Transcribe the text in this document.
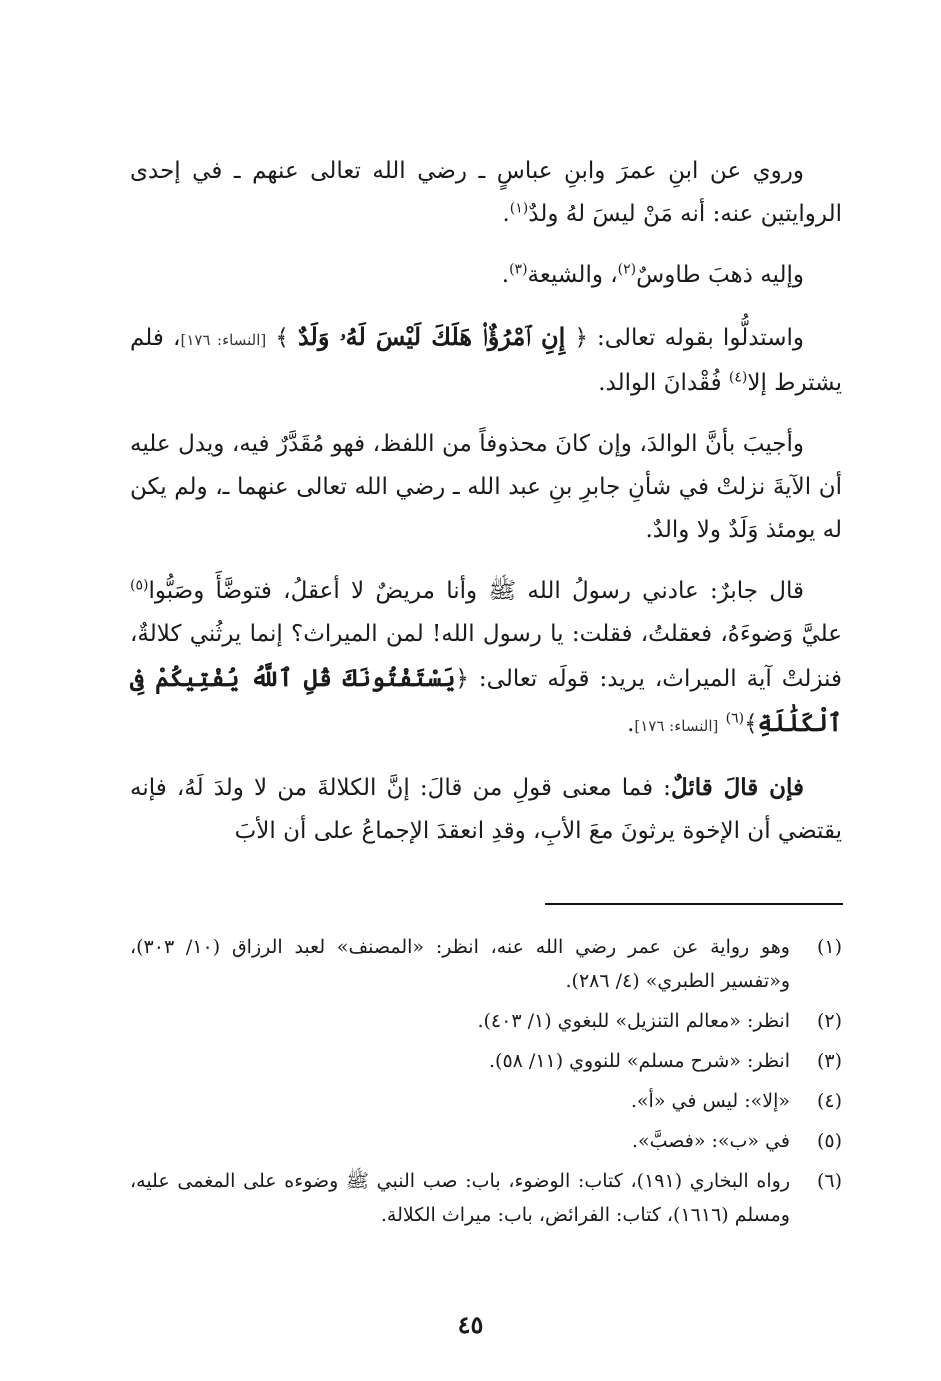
وروي عن ابنِ عمرَ وابنِ عباسٍ ـ رضي الله تعالى عنهم ـ في إحدى الروايتين عنه: أنه مَنْ ليسَ لهُ ولدٌ$^{(١)}$.

وإليه ذهبَ طاوسٌ$^{(٢)}$، والشيعة$^{(٣)}$.

واستدلُّوا بقوله تعالى: ﴿ إِنِ ٱمْرُؤٌا۟ هَلَكَ لَيْسَ لَهُۥ وَلَدٌ ﴾ [النساء: ١٧٦]، فلم يشترط إلا$^{(٤)}$ فُقْدانَ الوالد.

وأجيبَ بأنَّ الوالدَ، وإن كانَ محذوفاً من اللفظ، فهو مُقَدَّرٌ فيه، ويدل عليه أن الآيةَ نزلتْ في شأنِ جابرِ بنِ عبد الله ـ رضي الله تعالى عنهما ـ، ولم يكن له يومئذ وَلَدٌ ولا والدٌ.

قال جابرٌ: عادني رسولُ الله ﷺ وأنا مريضٌ لا أعقلُ، فتوضَّأَ وصَبُّوا$^{(٥)}$ عليَّ وَضوءَهُ، فعقلتُ، فقلت: يا رسول الله! لمن الميراث؟ إنما يرثُني كلالةٌ، فنزلتْ آية الميراث، يريد: قولَه تعالى: ﴿يَسْتَفْتُونَكَ قُلِ ٱللَّهُ يُفْتِيكُمْ فِى ٱلْكَلَٰلَةِ﴾$^{(٦)}$ [النساء: ١٧٦].

فإن قالَ قائلٌ: فما معنى قولِ من قالَ: إنَّ الكلالةَ من لا ولدَ لَهُ، فإنه يقتضي أن الإخوة يرثونَ معَ الأبِ، وقدِ انعقدَ الإجماعُ على أن الأبَ

(١)
وهو رواية عن عمر رضي الله عنه، انظر: «المصنف» لعبد الرزاق (١٠/ ٣٠٣)، و«تفسير الطبري» (٤/ ٢٨٦).
(٢)
انظر: «معالم التنزيل» للبغوي (١/ ٤٠٣).
(٣)
انظر: «شرح مسلم» للنووي (١١/ ٥٨).
(٤)
«إلا»: ليس في «أ».
(٥)
في «ب»: «فصبَّ».
(٦)
رواه البخاري (١٩١)، كتاب: الوضوء، باب: صب النبي ﷺ وضوءه على المغمى عليه، ومسلم (١٦١٦)، كتاب: الفرائض، باب: ميراث الكلالة.
٤٥
